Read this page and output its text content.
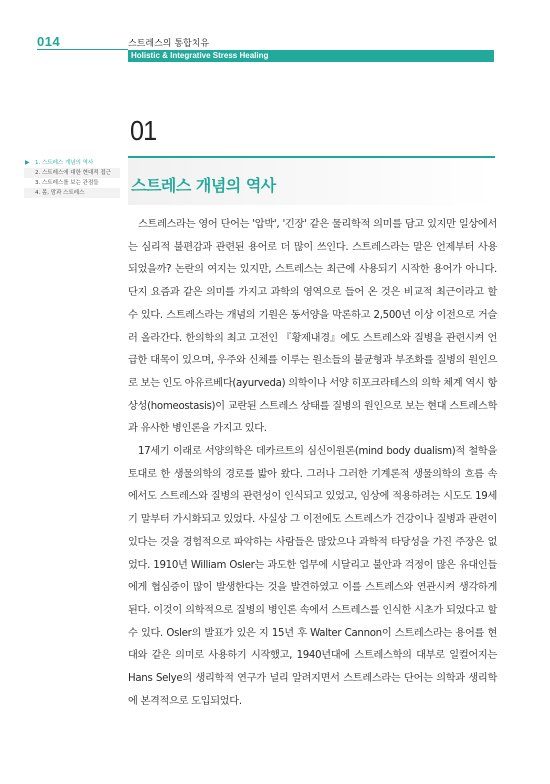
014	스트레스의 통합치유
Holistic & Integrative Stress Healing
01
스트레스 개념의 역사
▶ 1. 스트레스 개념의 역사
2. 스트레스에 대한 현대적 접근
3. 스트레스를 보는 관점들
4. 몸, 맘과 스트레스

스트레스라는 영어 단어는 '압박', '긴장' 같은 물리학적 의미를 담고 있지만 일상에서는 심리적 불편감과 관련된 용어로 더 많이 쓰인다. 스트레스라는 말은 언제부터 사용되었을까? 논란의 여지는 있지만, 스트레스는 최근에 사용되기 시작한 용어가 아니다. 단지 요즘과 같은 의미를 가지고 과학의 영역으로 들어 온 것은 비교적 최근이라고 할 수 있다. 스트레스라는 개념의 기원은 동서양을 막론하고 2,500년 이상 이전으로 거슬러 올라간다. 한의학의 최고 고전인 『황제내경』에도 스트레스와 질병을 관련시켜 언급한 대목이 있으며, 우주와 신체를 이루는 원소들의 불균형과 부조화를 질병의 원인으로 보는 인도 아유르베다(ayurveda) 의학이나 서양 히포크라테스의 의학 체계 역시 항상성(homeostasis)이 교란된 스트레스 상태를 질병의 원인으로 보는 현대 스트레스학과 유사한 병인론을 가지고 있다.

17세기 이래로 서양의학은 데카르트의 심신이원론(mind body dualism)적 철학을 토대로 한 생물의학의 경로를 밟아 왔다. 그러나 그러한 기계론적 생물의학의 흐름 속에서도 스트레스와 질병의 관련성이 인식되고 있었고, 임상에 적용하려는 시도도 19세기 말부터 가시화되고 있었다. 사실상 그 이전에도 스트레스가 건강이나 질병과 관련이 있다는 것을 경험적으로 파악하는 사람들은 많았으나 과학적 타당성을 가진 주장은 없었다. 1910년 William Osler는 과도한 업무에 시달리고 불안과 걱정이 많은 유대인들에게 협심증이 많이 발생한다는 것을 발견하였고 이를 스트레스와 연관시켜 생각하게 된다. 이것이 의학적으로 질병의 병인론 속에서 스트레스를 인식한 시초가 되었다고 할 수 있다. Osler의 발표가 있은 지 15년 후 Walter Cannon이 스트레스라는 용어를 현대와 같은 의미로 사용하기 시작했고, 1940년대에 스트레스학의 대부로 일컬어지는 Hans Selye의 생리학적 연구가 널리 알려지면서 스트레스라는 단어는 의학과 생리학에 본격적으로 도입되었다.
